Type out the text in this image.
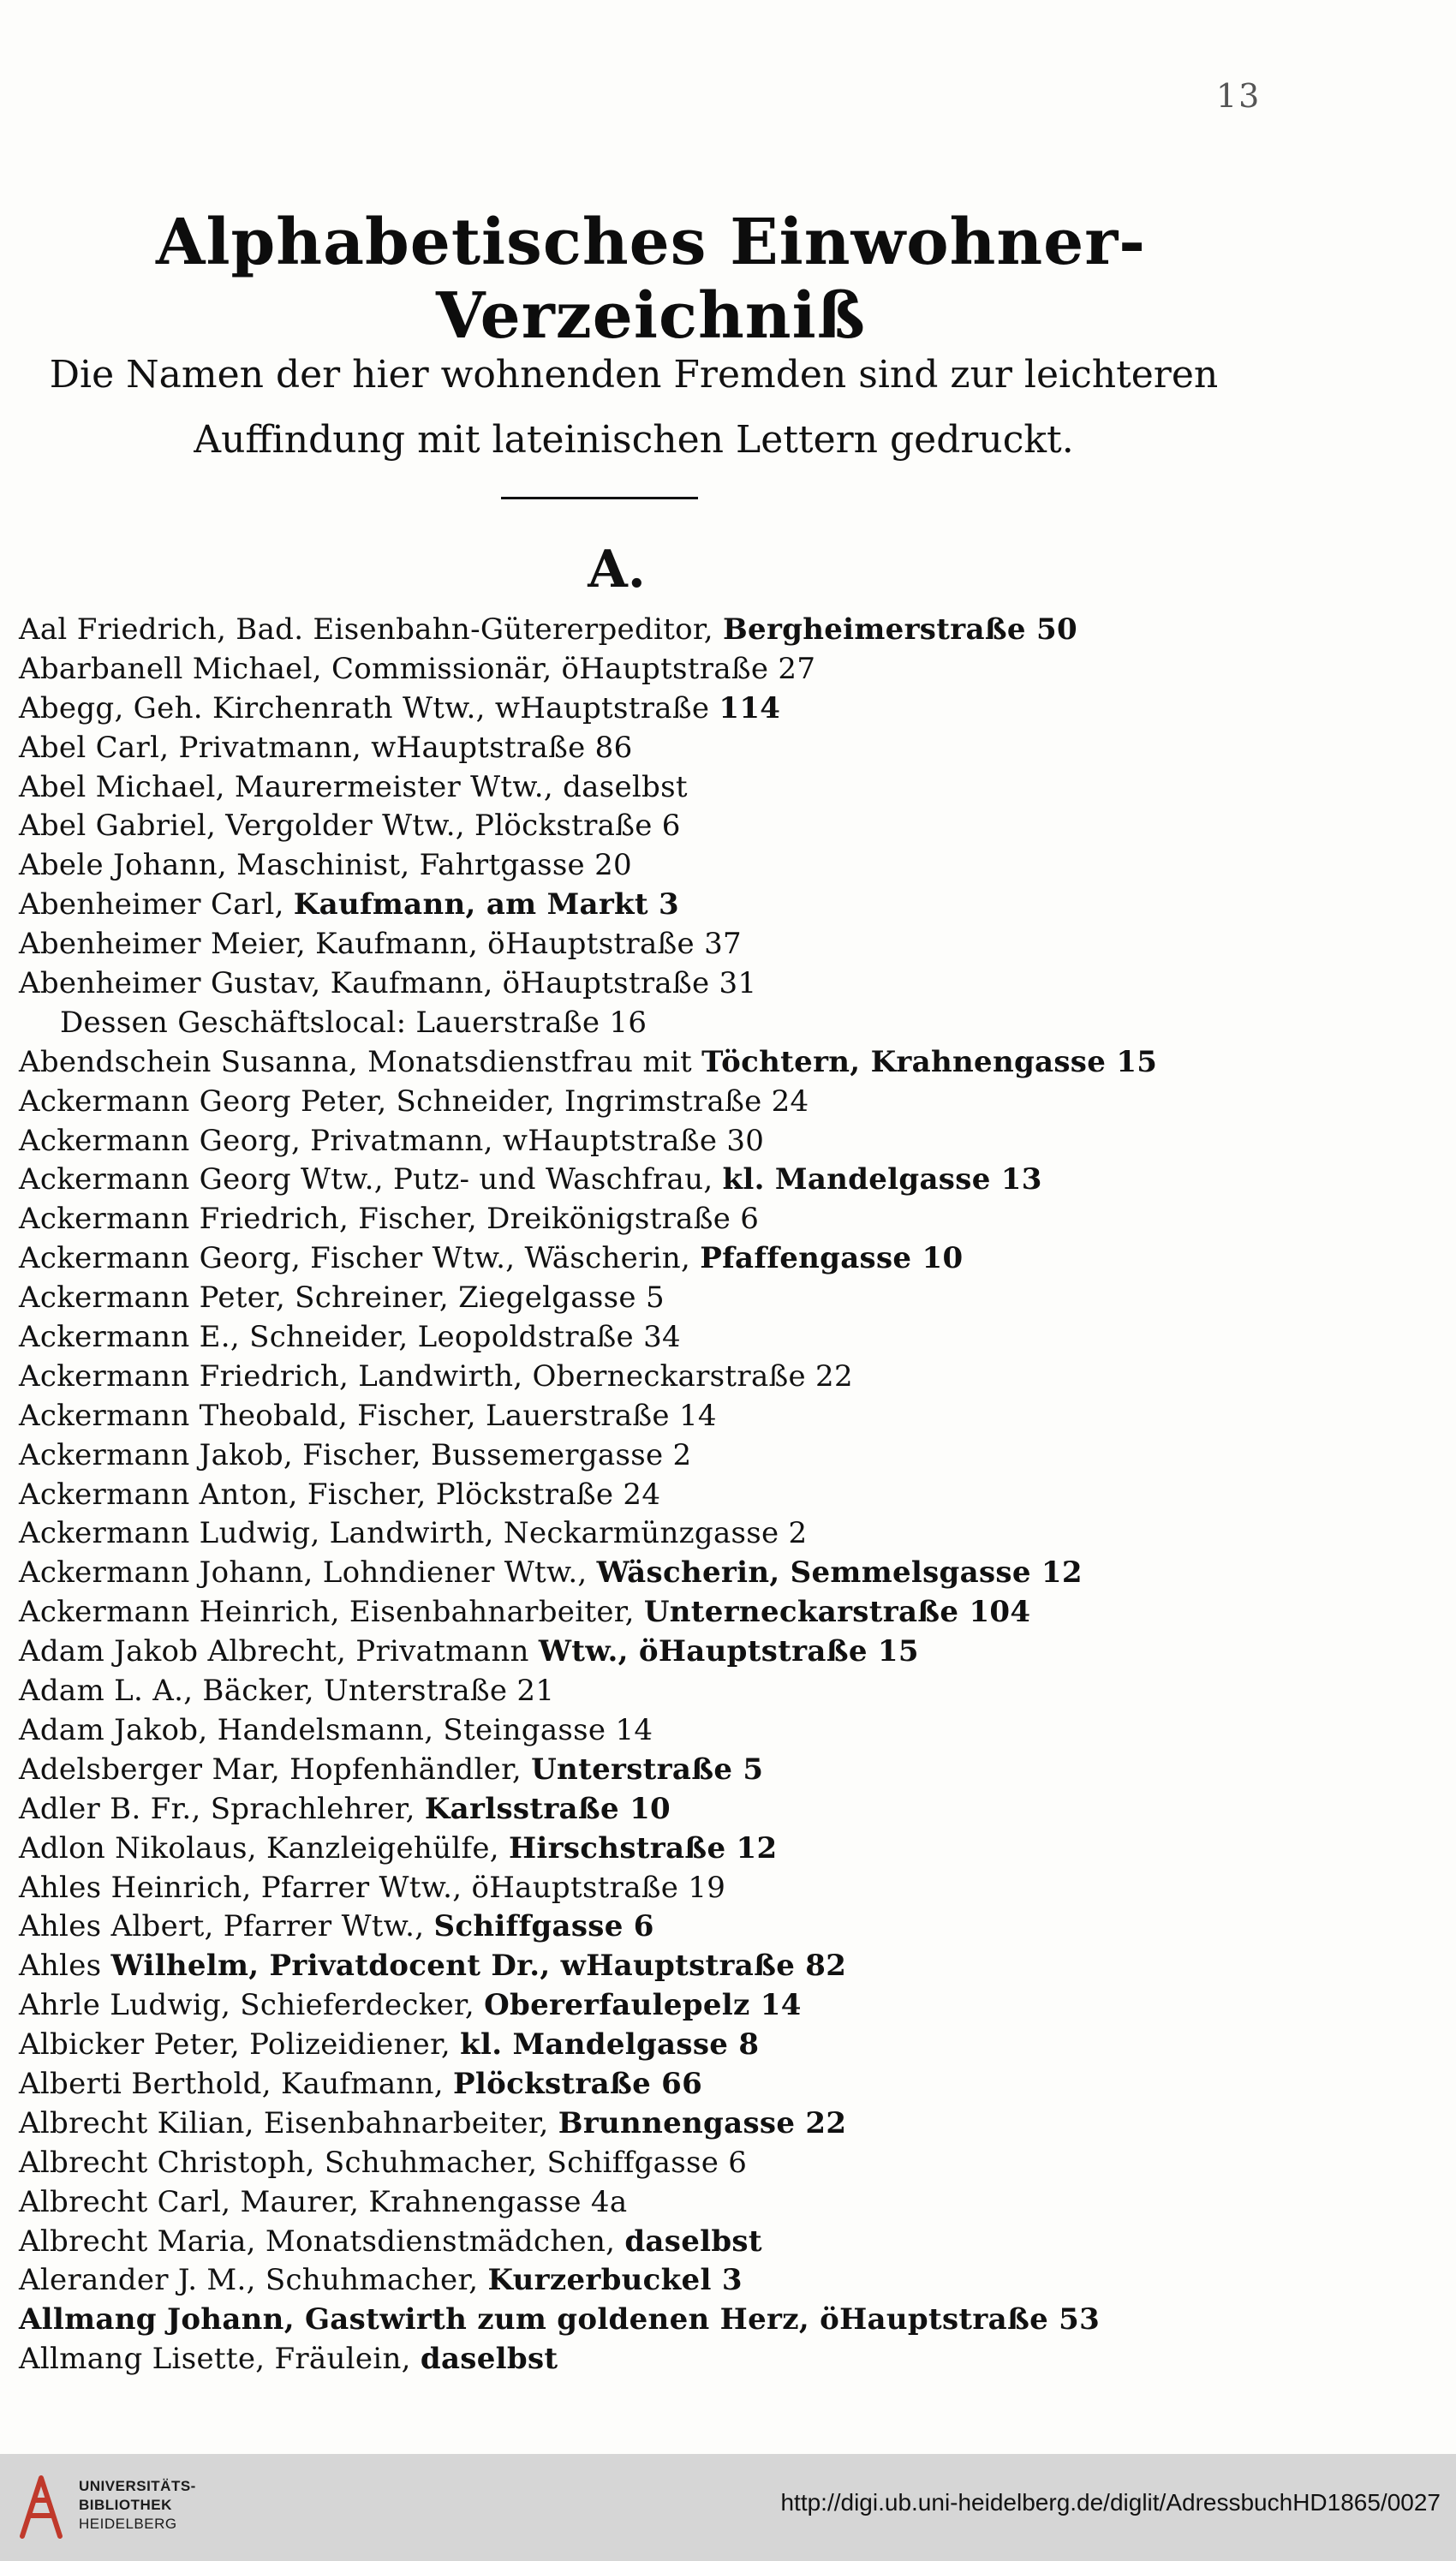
13
Alphabetisches Einwohner-Verzeichniß
Die Namen der hier wohnenden Fremden sind zur leichteren
Auffindung mit lateinischen Lettern gedruckt.
A.
Aal Friedrich, Bad. Eisenbahn-Gütererpeditor, Bergheimerstraße 50
Abarbanell Michael, Commissionär, öHauptstraße 27
Abegg, Geh. Kirchenrath Wtw., wHauptstraße 114
Abel Carl, Privatmann, wHauptstraße 86
Abel Michael, Maurermeister Wtw., daselbst
Abel Gabriel, Vergolder Wtw., Plöckstraße 6
Abele Johann, Maschinist, Fahrtgasse 20
Abenheimer Carl, Kaufmann, am Markt 3
Abenheimer Meier, Kaufmann, öHauptstraße 37
Abenheimer Gustav, Kaufmann, öHauptstraße 31
Dessen Geschäftslocal: Lauerstraße 16
Abendschein Susanna, Monatsdienstfrau mit Töchtern, Krahnengasse 15
Ackermann Georg Peter, Schneider, Ingrimstraße 24
Ackermann Georg, Privatmann, wHauptstraße 30
Ackermann Georg Wtw., Putz- und Waschfrau, kl. Mandelgasse 13
Ackermann Friedrich, Fischer, Dreikönigstraße 6
Ackermann Georg, Fischer Wtw., Wäscherin, Pfaffengasse 10
Ackermann Peter, Schreiner, Ziegelgasse 5
Ackermann E., Schneider, Leopoldstraße 34
Ackermann Friedrich, Landwirth, Oberneckarstraße 22
Ackermann Theobald, Fischer, Lauerstraße 14
Ackermann Jakob, Fischer, Bussemergasse 2
Ackermann Anton, Fischer, Plöckstraße 24
Ackermann Ludwig, Landwirth, Neckarmünzgasse 2
Ackermann Johann, Lohndiener Wtw., Wäscherin, Semmelsgasse 12
Ackermann Heinrich, Eisenbahnarbeiter, Unterneckarstraße 104
Adam Jakob Albrecht, Privatmann Wtw., öHauptstraße 15
Adam L. A., Bäcker, Unterstraße 21
Adam Jakob, Handelsmann, Steingasse 14
Adelsberger Mar, Hopfenhändler, Unterstraße 5
Adler B. Fr., Sprachlehrer, Karlsstraße 10
Adlon Nikolaus, Kanzleigehülfe, Hirschstraße 12
Ahles Heinrich, Pfarrer Wtw., öHauptstraße 19
Ahles Albert, Pfarrer Wtw., Schiffgasse 6
Ahles Wilhelm, Privatdocent Dr., wHauptstraße 82
Ahrle Ludwig, Schieferdecker, Obererfaulepelz 14
Albicker Peter, Polizeidiener, kl. Mandelgasse 8
Alberti Berthold, Kaufmann, Plöckstraße 66
Albrecht Kilian, Eisenbahnarbeiter, Brunnengasse 22
Albrecht Christoph, Schuhmacher, Schiffgasse 6
Albrecht Carl, Maurer, Krahnengasse 4a
Albrecht Maria, Monatsdienstmädchen, daselbst
Alerander J. M., Schuhmacher, Kurzerbuckel 3
Allmang Johann, Gastwirth zum goldenen Herz, öHauptstraße 53
Allmang Lisette, Fräulein, daselbst
UNIVERSITÄTS-
BIBLIOTHEK
HEIDELBERG
http://digi.ub.uni-heidelberg.de/diglit/AdressbuchHD1865/0027
